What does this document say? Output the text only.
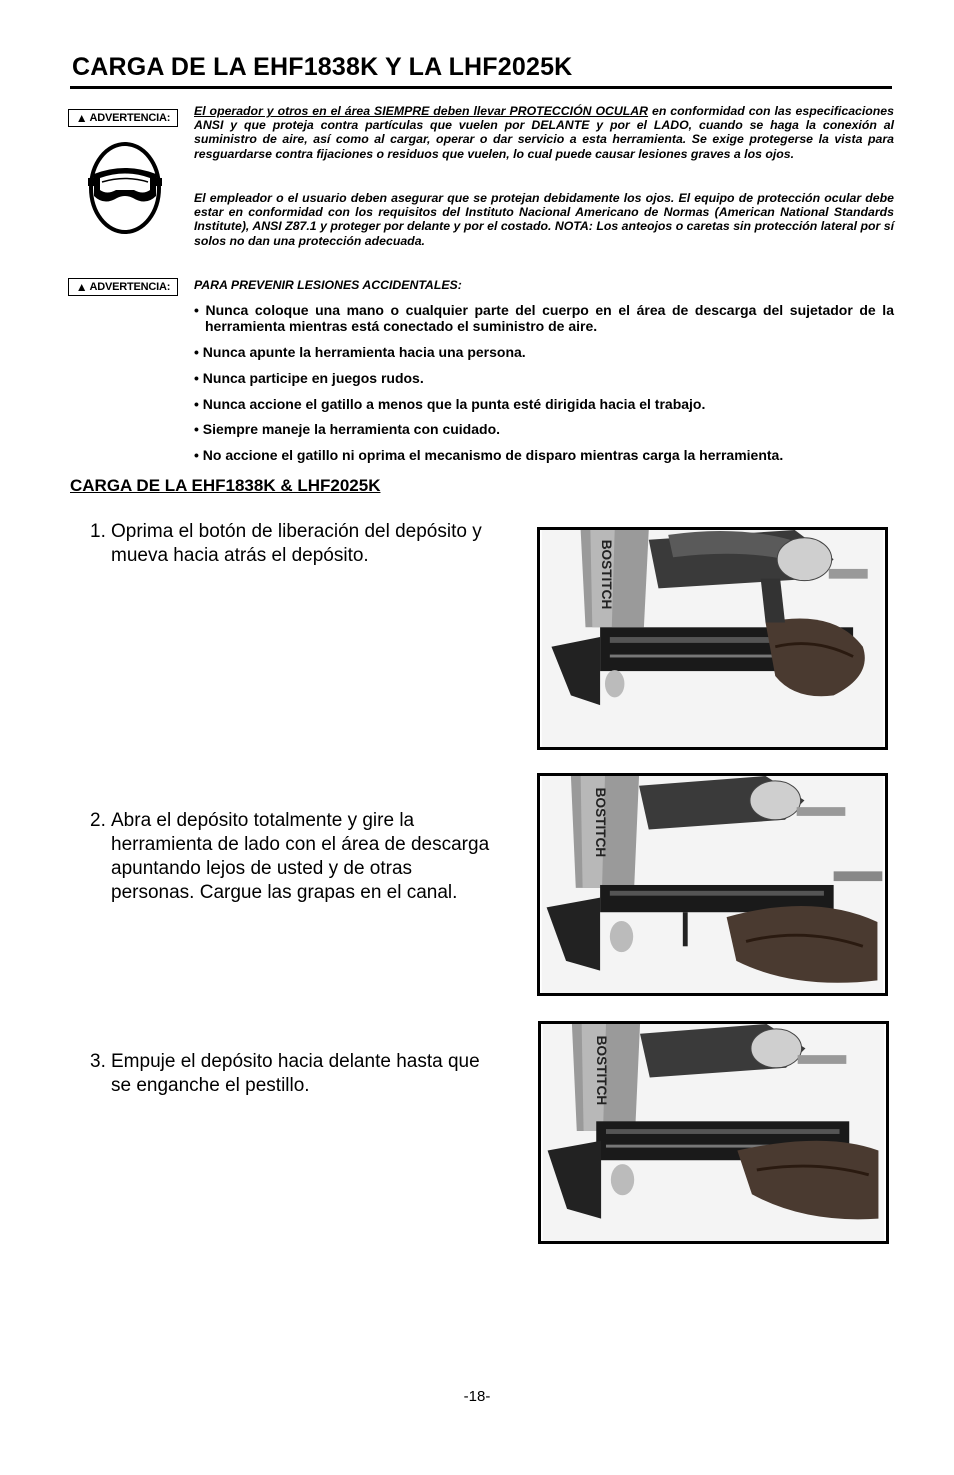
CARGA DE LA EHF1838K Y LA LHF2025K
▲ ADVERTENCIA: El operador y otros en el área SIEMPRE deben llevar PROTECCIÓN OCULAR en conformidad con las especificaciones ANSI y que proteja contra partículas que vuelen por DELANTE y por el LADO, cuando se haga la conexión al suministro de aire, así como al cargar, operar o dar servicio a esta herramienta. Se exige protegerse la vista para resguardarse contra fijaciones o residuos que vuelen, lo cual puede causar lesiones graves a los ojos.
El empleador o el usuario deben asegurar que se protejan debidamente los ojos. El equipo de protección ocular debe estar en conformidad con los requisitos del Instituto Nacional Americano de Normas (American National Standards Institute), ANSI Z87.1 y proteger por delante y por el costado. NOTA: Los anteojos o caretas sin protección lateral por sí solos no dan una protección adecuada.
▲ ADVERTENCIA: PARA PREVENIR LESIONES ACCIDENTALES:
• Nunca coloque una mano o cualquier parte del cuerpo en el área de descarga del sujetador de la herramienta mientras está conectado el suministro de aire.
• Nunca apunte la herramienta hacia una persona.
• Nunca participe en juegos rudos.
• Nunca accione el gatillo a menos que la punta esté dirigida hacia el trabajo.
• Siempre maneje la herramienta con cuidado.
• No accione el gatillo ni oprima el mecanismo de disparo mientras carga la herramienta.
CARGA DE LA EHF1838K & LHF2025K
1. Oprima el botón de liberación del depósito y mueva hacia atrás el depósito.
2. Abra el depósito totalmente y gire la herramienta de lado con el área de descarga apuntando lejos de usted y de otras personas. Cargue las grapas en el canal.
3. Empuje el depósito hacia delante hasta que se enganche el pestillo.
BOSTITCH
BOSTITCH
BOSTITCH
-18-
